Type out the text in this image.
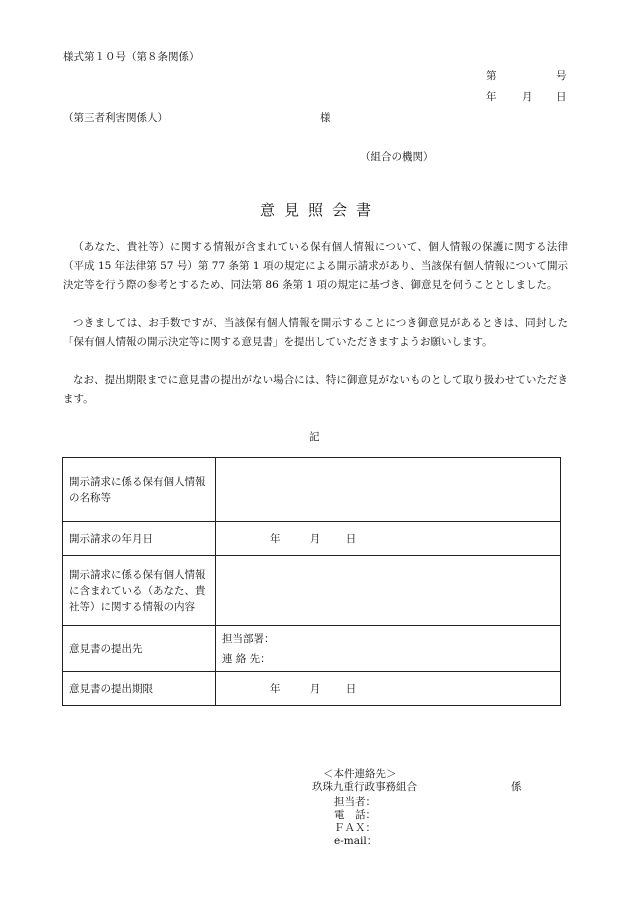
様式第１０号（第８条関係）
第	号
年 月 日
（第三者利害関係人）	様
（組合の機関）
意見照会書
（あなた、貴社等）に関する情報が含まれている保有個人情報について、個人情報の保護に関する法律（平成 15 年法律第 57 号）第 77 条第 1 項の規定による開示請求があり、当該保有個人情報について開示決定等を行う際の参考とするため、同法第 86 条第 1 項の規定に基づき、御意見を伺うこととしました。
つきましては、お手数ですが、当該保有個人情報を開示することにつき御意見があるときは、同封した「保有個人情報の開示決定等に関する意見書」を提出していただきますようお願いします。
なお、提出期限までに意見書の提出がない場合には、特に御意見がないものとして取り扱わせていただきます。
記
開示請求に係る保有個人情報の名称等	
開示請求の年月日	年 月 日
開示請求に係る保有個人情報に含まれている（あなた、貴社等）に関する情報の内容	
意見書の提出先	担当部署：
連 絡 先：

意見書の提出期限	年 月 日
＜本件連絡先＞
玖珠九重行政事務組合	係
担当者：
電　話：
ＦＡＸ：
e-mail：
